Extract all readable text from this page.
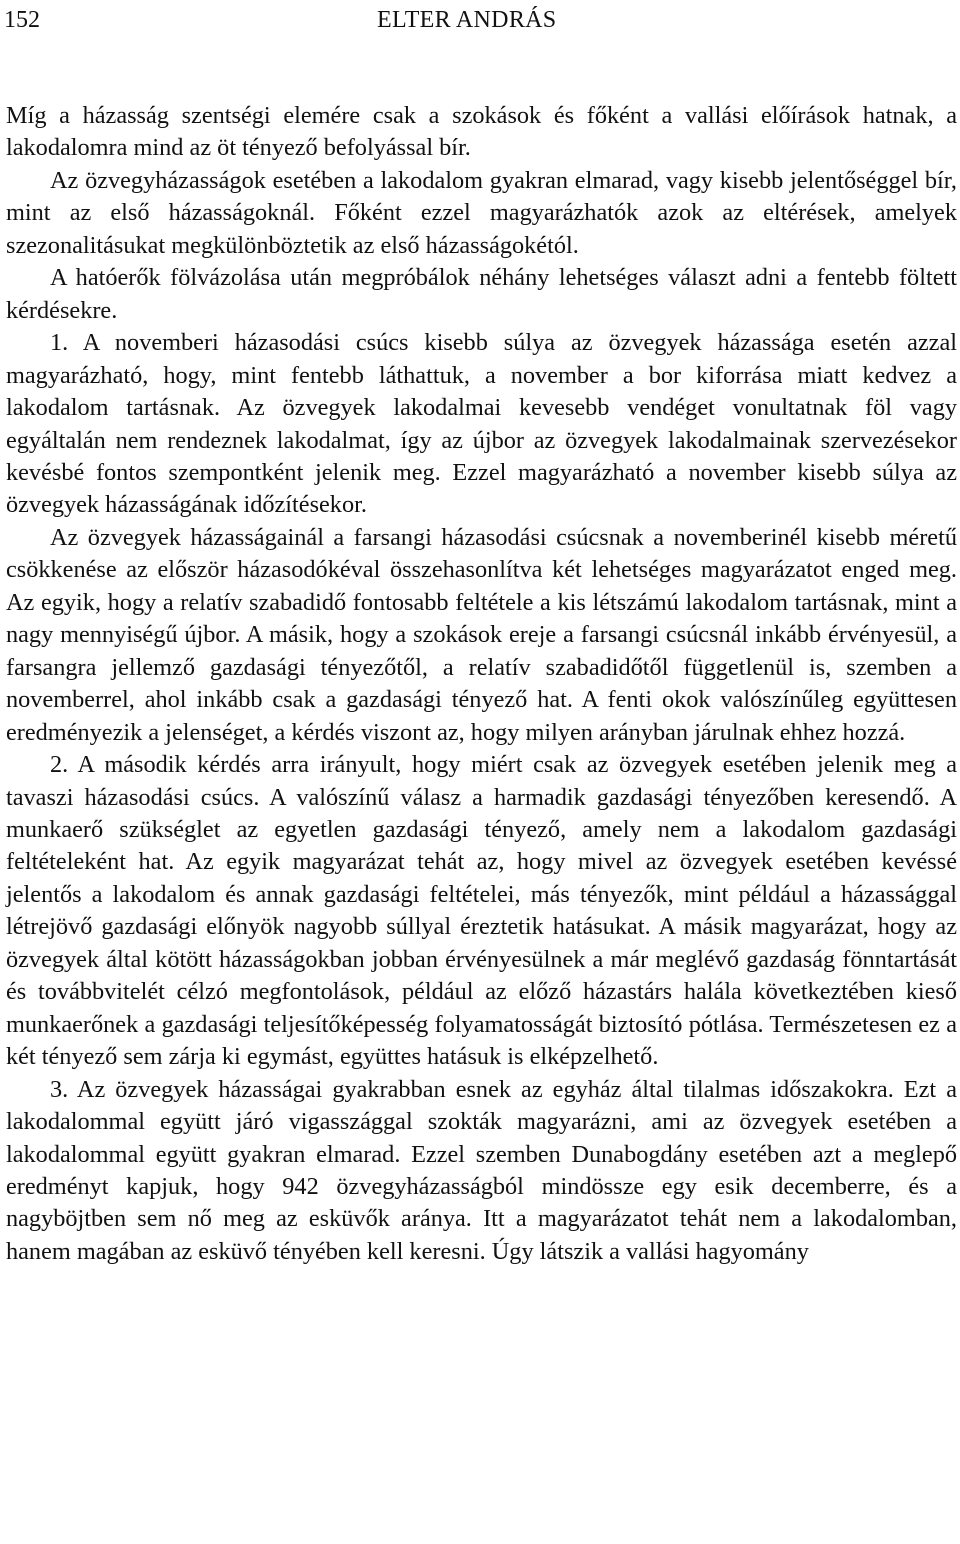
152	ELTER ANDRÁS

Míg a házasság szentségi elemére csak a szokások és főként a vallási előírások hatnak, a lakodalomra mind az öt tényező befolyással bír.

Az özvegyházasságok esetében a lakodalom gyakran elmarad, vagy kisebb jelentőséggel bír, mint az első házasságoknál. Főként ezzel magyarázhatók azok az eltérések, amelyek szezonalitásukat megkülönböztetik az első házasságokétól.

A hatóerők fölvázolása után megpróbálok néhány lehetséges választ adni a fentebb föltett kérdésekre.

1. A novemberi házasodási csúcs kisebb súlya az özvegyek házassága esetén azzal magyarázható, hogy, mint fentebb láthattuk, a november a bor kiforrása miatt kedvez a lakodalom tartásnak. Az özvegyek lakodalmai kevesebb vendéget vonultatnak föl vagy egyáltalán nem rendeznek lakodalmat, így az újbor az özvegyek lakodalmainak szervezésekor kevésbé fontos szempontként jelenik meg. Ezzel magyarázható a november kisebb súlya az özvegyek házasságának időzítésekor.

Az özvegyek házasságainál a farsangi házasodási csúcsnak a novemberinél kisebb méretű csökkenése az először házasodókéval összehasonlítva két lehetséges magyarázatot enged meg. Az egyik, hogy a relatív szabadidő fontosabb feltétele a kis létszámú lakodalom tartásnak, mint a nagy mennyiségű újbor. A másik, hogy a szokások ereje a farsangi csúcsnál inkább érvényesül, a farsangra jellemző gazdasági tényezőtől, a relatív szabadidőtől függetlenül is, szemben a novemberrel, ahol inkább csak a gazdasági tényező hat. A fenti okok valószínűleg együttesen eredményezik a jelenséget, a kérdés viszont az, hogy milyen arányban járulnak ehhez hozzá.

2. A második kérdés arra irányult, hogy miért csak az özvegyek esetében jelenik meg a tavaszi házasodási csúcs. A valószínű válasz a harmadik gazdasági tényezőben keresendő. A munkaerő szükséglet az egyetlen gazdasági tényező, amely nem a lakodalom gazdasági feltételeként hat. Az egyik magyarázat tehát az, hogy mivel az özvegyek esetében kevéssé jelentős a lakodalom és annak gazdasági feltételei, más tényezők, mint például a házassággal létrejövő gazdasági előnyök nagyobb súllyal éreztetik hatásukat. A másik magyarázat, hogy az özvegyek által kötött házasságokban jobban érvényesülnek a már meglévő gazdaság fönntartását és továbbvitelét célzó megfontolások, például az előző házastárs halála következtében kieső munkaerőnek a gazdasági teljesítőképesség folyamatosságát biztosító pótlása. Természetesen ez a két tényező sem zárja ki egymást, együttes hatásuk is elképzelhető.

3. Az özvegyek házasságai gyakrabban esnek az egyház által tilalmas időszakokra. Ezt a lakodalommal együtt járó vigasszággal szokták magyarázni, ami az özvegyek esetében a lakodalommal együtt gyakran elmarad. Ezzel szemben Dunabogdány esetében azt a meglepő eredményt kapjuk, hogy 942 özvegyházasságból mindössze egy esik decemberre, és a nagyböjtben sem nő meg az esküvők aránya. Itt a magyarázatot tehát nem a lakodalomban, hanem magában az esküvő tényében kell keresni. Úgy látszik a vallási hagyomány
